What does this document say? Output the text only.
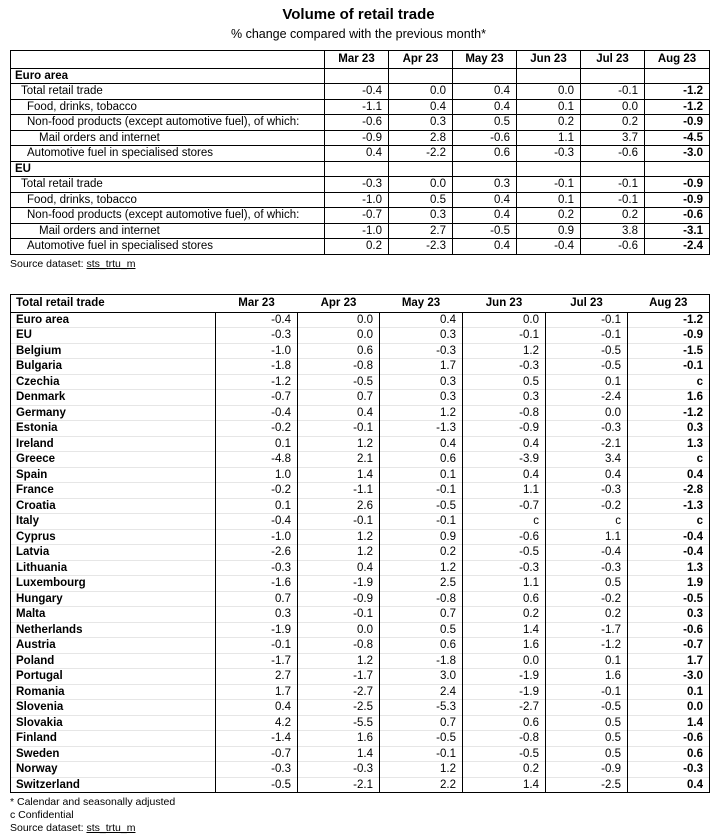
Volume of retail trade
% change compared with the previous month*
	Mar 23	Apr 23	May 23	Jun 23	Jul 23	Aug 23
Euro area						
Total retail trade	-0.4	0.0	0.4	0.0	-0.1	-1.2
Food, drinks, tobacco	-1.1	0.4	0.4	0.1	0.0	-1.2
Non-food products (except automotive fuel), of which:	-0.6	0.3	0.5	0.2	0.2	-0.9
Mail orders and internet	-0.9	2.8	-0.6	1.1	3.7	-4.5
Automotive fuel in specialised stores	0.4	-2.2	0.6	-0.3	-0.6	-3.0
EU						
Total retail trade	-0.3	0.0	0.3	-0.1	-0.1	-0.9
Food, drinks, tobacco	-1.0	0.5	0.4	0.1	-0.1	-0.9
Non-food products (except automotive fuel), of which:	-0.7	0.3	0.4	0.2	0.2	-0.6
Mail orders and internet	-1.0	2.7	-0.5	0.9	3.8	-3.1
Automotive fuel in specialised stores	0.2	-2.3	0.4	-0.4	-0.6	-2.4
Source dataset: sts_trtu_m
Total retail trade	Mar 23	Apr 23	May 23	Jun 23	Jul 23	Aug 23
Euro area	-0.4	0.0	0.4	0.0	-0.1	-1.2
EU	-0.3	0.0	0.3	-0.1	-0.1	-0.9
Belgium	-1.0	0.6	-0.3	1.2	-0.5	-1.5
Bulgaria	-1.8	-0.8	1.7	-0.3	-0.5	-0.1
Czechia	-1.2	-0.5	0.3	0.5	0.1	c
Denmark	-0.7	0.7	0.3	0.3	-2.4	1.6
Germany	-0.4	0.4	1.2	-0.8	0.0	-1.2
Estonia	-0.2	-0.1	-1.3	-0.9	-0.3	0.3
Ireland	0.1	1.2	0.4	0.4	-2.1	1.3
Greece	-4.8	2.1	0.6	-3.9	3.4	c
Spain	1.0	1.4	0.1	0.4	0.4	0.4
France	-0.2	-1.1	-0.1	1.1	-0.3	-2.8
Croatia	0.1	2.6	-0.5	-0.7	-0.2	-1.3
Italy	-0.4	-0.1	-0.1	c	c	c
Cyprus	-1.0	1.2	0.9	-0.6	1.1	-0.4
Latvia	-2.6	1.2	0.2	-0.5	-0.4	-0.4
Lithuania	-0.3	0.4	1.2	-0.3	-0.3	1.3
Luxembourg	-1.6	-1.9	2.5	1.1	0.5	1.9
Hungary	0.7	-0.9	-0.8	0.6	-0.2	-0.5
Malta	0.3	-0.1	0.7	0.2	0.2	0.3
Netherlands	-1.9	0.0	0.5	1.4	-1.7	-0.6
Austria	-0.1	-0.8	0.6	1.6	-1.2	-0.7
Poland	-1.7	1.2	-1.8	0.0	0.1	1.7
Portugal	2.7	-1.7	3.0	-1.9	1.6	-3.0
Romania	1.7	-2.7	2.4	-1.9	-0.1	0.1
Slovenia	0.4	-2.5	-5.3	-2.7	-0.5	0.0
Slovakia	4.2	-5.5	0.7	0.6	0.5	1.4
Finland	-1.4	1.6	-0.5	-0.8	0.5	-0.6
Sweden	-0.7	1.4	-0.1	-0.5	0.5	0.6
Norway	-0.3	-0.3	1.2	0.2	-0.9	-0.3
Switzerland	-0.5	-2.1	2.2	1.4	-2.5	0.4
* Calendar and seasonally adjusted
c Confidential
Source dataset: sts_trtu_m
